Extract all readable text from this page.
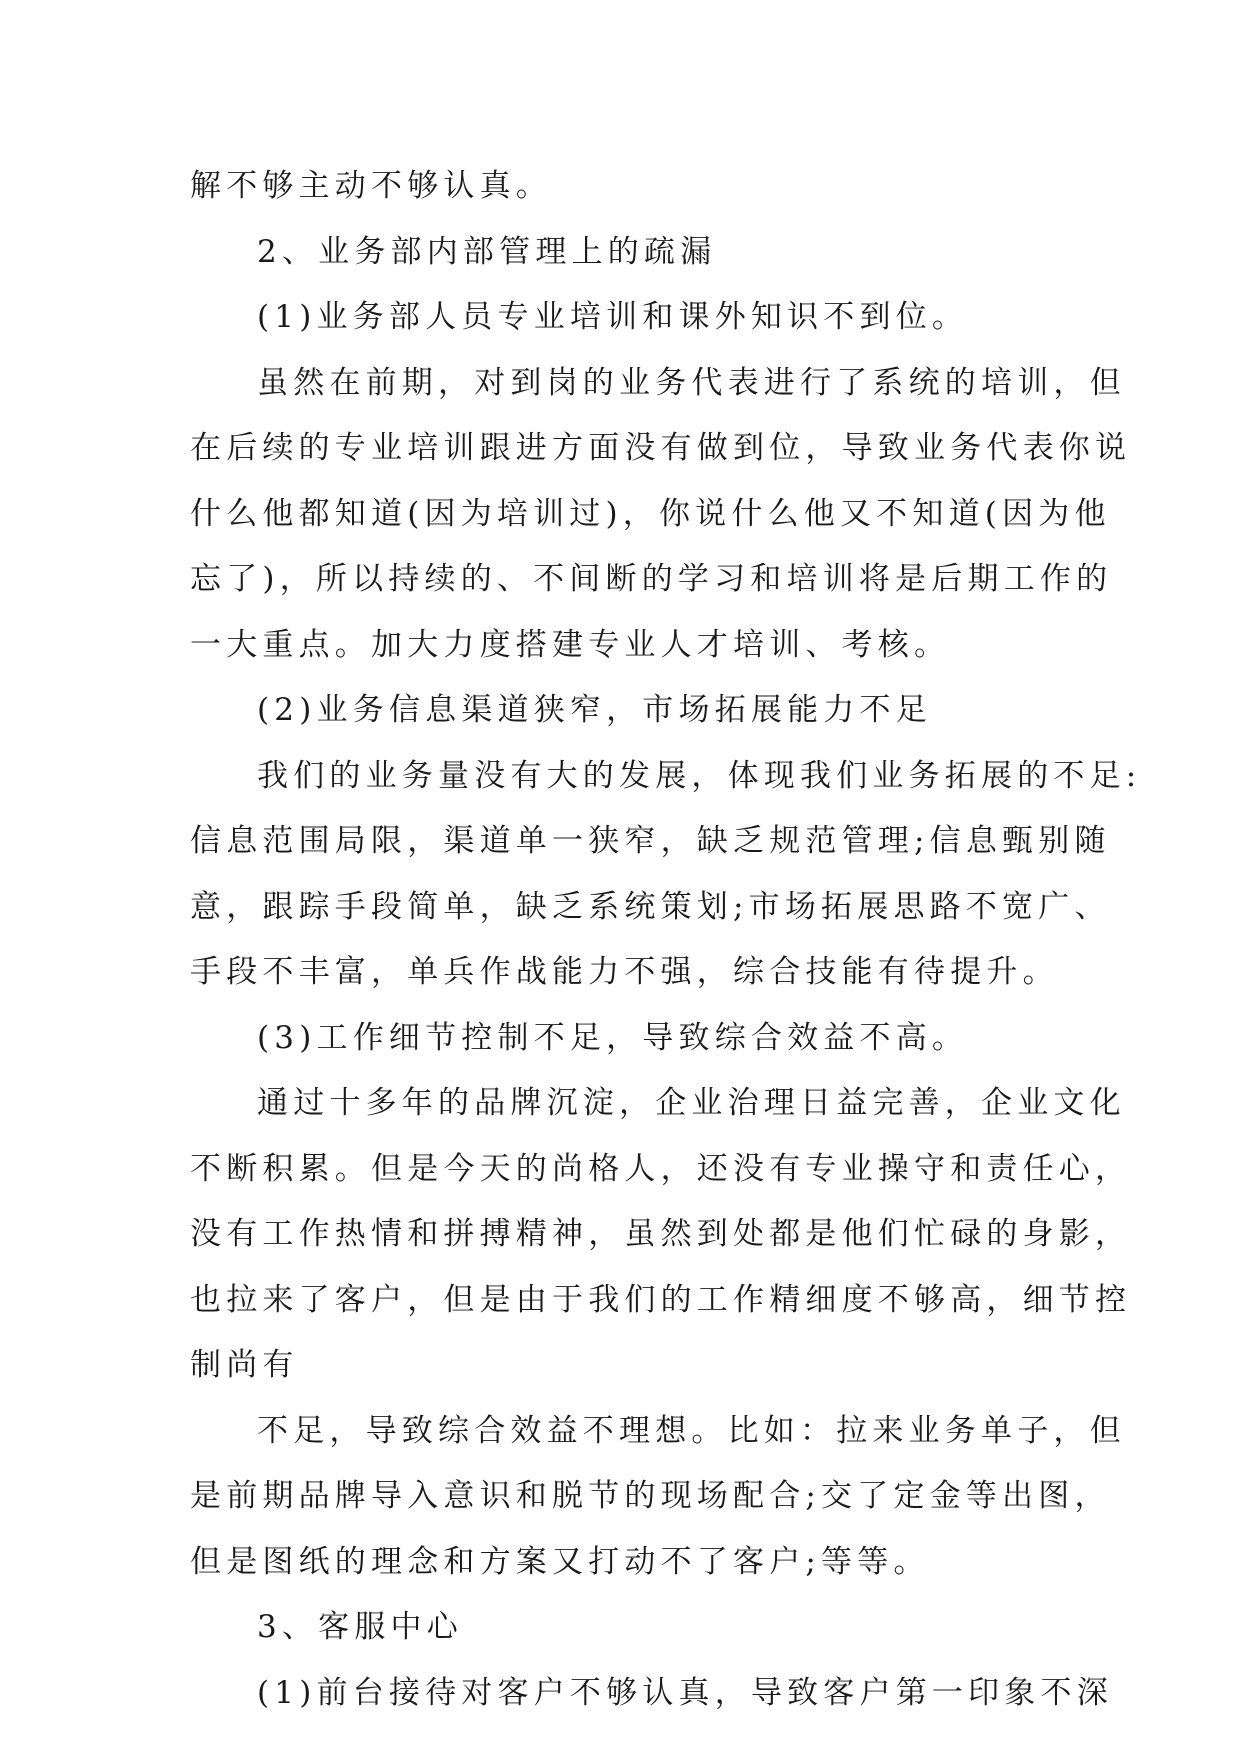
解不够主动不够认真。

2、业务部内部管理上的疏漏

(1)业务部人员专业培训和课外知识不到位。

虽然在前期，对到岗的业务代表进行了系统的培训，但

在后续的专业培训跟进方面没有做到位，导致业务代表你说

什么他都知道(因为培训过)，你说什么他又不知道(因为他

忘了)，所以持续的、不间断的学习和培训将是后期工作的

一大重点。加大力度搭建专业人才培训、考核。

(2)业务信息渠道狭窄，市场拓展能力不足

我们的业务量没有大的发展，体现我们业务拓展的不足:

信息范围局限，渠道单一狭窄，缺乏规范管理;信息甄别随

意，跟踪手段简单，缺乏系统策划;市场拓展思路不宽广、

手段不丰富，单兵作战能力不强，综合技能有待提升。

(3)工作细节控制不足，导致综合效益不高。

通过十多年的品牌沉淀，企业治理日益完善，企业文化

不断积累。但是今天的尚格人，还没有专业操守和责任心，

没有工作热情和拼搏精神，虽然到处都是他们忙碌的身影，

也拉来了客户，但是由于我们的工作精细度不够高，细节控

制尚有

不足，导致综合效益不理想。比如：拉来业务单子，但

是前期品牌导入意识和脱节的现场配合;交了定金等出图，

但是图纸的理念和方案又打动不了客户;等等。

3、客服中心

(1)前台接待对客户不够认真，导致客户第一印象不深
